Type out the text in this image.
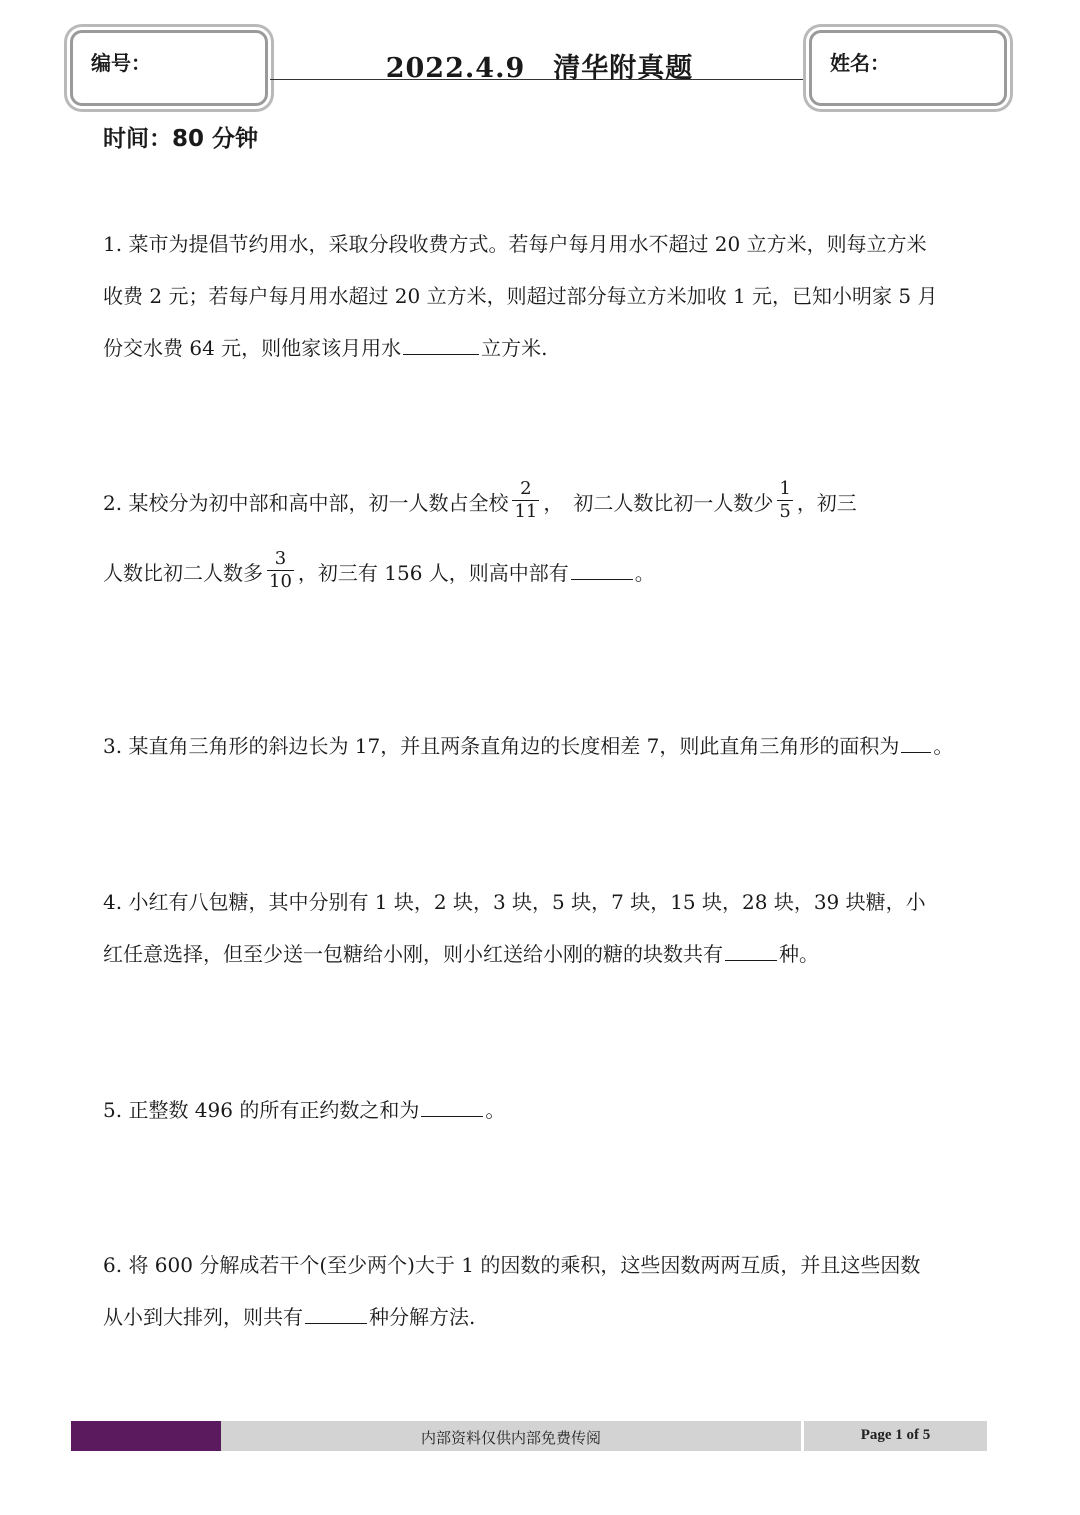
编号：	2022.4.9　清华附真题	姓名：
时间：80 分钟
1. 菜市为提倡节约用水，采取分段收费方式。若每户每月用水不超过 20 立方米，则每立方米
收费 2 元；若每户每月用水超过 20 立方米，则超过部分每立方米加收 1 元，已知小明家 5 月
份交水费 64 元，则他家该月用水	立方米.
2. 某校分为初中部和高中部，初一人数占全校 $\frac{2}{11}$ ，　初二人数比初一人数少 $\frac{1}{5}$ ，初三
人数比初二人数多 $\frac{3}{10}$ ，初三有 156 人，则高中部有	。
3. 某直角三角形的斜边长为 17，并且两条直角边的长度相差 7，则此直角三角形的面积为 。
4. 小红有八包糖，其中分别有 1 块，2 块，3 块，5 块，7 块，15 块，28 块，39 块糖，小
红任意选择，但至少送一包糖给小刚，则小红送给小刚的糖的块数共有	种。
5. 正整数 496 的所有正约数之和为	。
6. 将 600 分解成若干个(至少两个)大于 1 的因数的乘积，这些因数两两互质，并且这些因数
从小到大排列，则共有	种分解方法.
内部资料仅供内部免费传阅	Page 1 of 5
